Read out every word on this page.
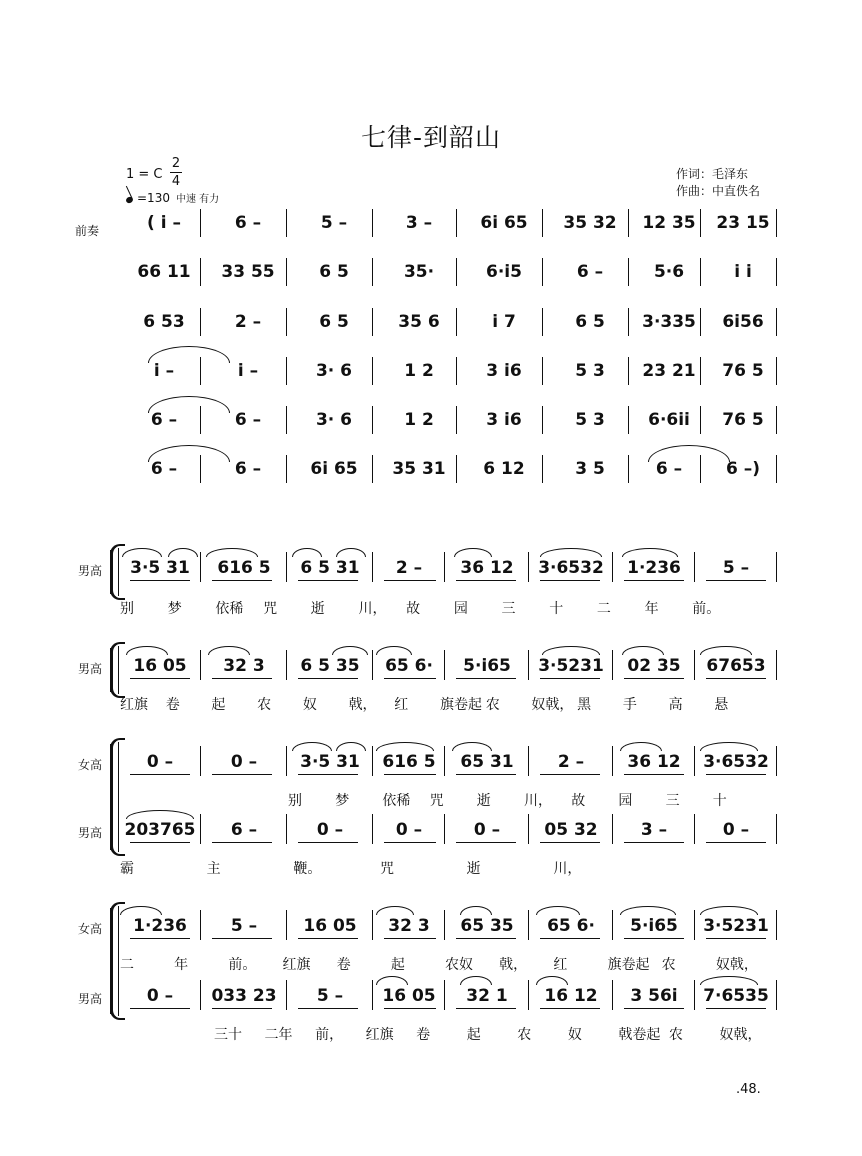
七律-到韶山
1 = C
2
4
=130 中速 有力
作词：毛泽东
作曲：中直佚名
前奏	( i̇ –	6 –	5 –	3 –	6i̇ 65	35 32	12 35 23 15
66 11	33 55	6 5	35·	6·i̇5	6 –	5·6	i̇ i̇
6 53	2 –	6 5	35 6	i̇ 7	6 5	3·335	6i̇56
i̇ –	i̇ –	3· 6	1 2	3 i̇6	5 3	23 21	76 5
6 –	6 –	3· 6	1 2	3 i̇6	5 3	6·6i̇i̇	76 5
6 –	6 –	6i̇ 65	35 31	6 12	3 5	6 –	6 –)
男高
男高
女高
男高
女高
男高
3·5 31	616 5	6 5 31	2 –	36 12	3·6532	1·236	5 –
别 梦 依稀 咒 逝 川， 故 园 三 十 二 年 前。
16 05	32 3	6 5 35	65 6·	5·i̇65	3·5231	02 35	67653
红旗 卷 起 农 奴 戟， 红 旗卷起 农 奴戟， 黑 手 高 悬
0 –	0 –	3·5 31	616 5	65 31	2 –	36 12	3·6532
别 梦 依稀 咒 逝 川， 故 园 三 十
203765	6 –	0 –	0 –	0 –	05 32	3 –	0 –
霸	主	鞭。	咒	逝	川，
1·236	5 –	16 05	32 3	65 35	65 6·	5·i̇65	3·5231
二	年	前。 红旗 卷	起	农奴 戟， 红	旗卷起 农	奴戟，
0 –	033 23	5 –	16 05	32 1	16 12	3 56i̇	7·6535
三十 二年 前， 红旗 卷	起	农	奴	戟卷起 农	奴戟，
.48.
